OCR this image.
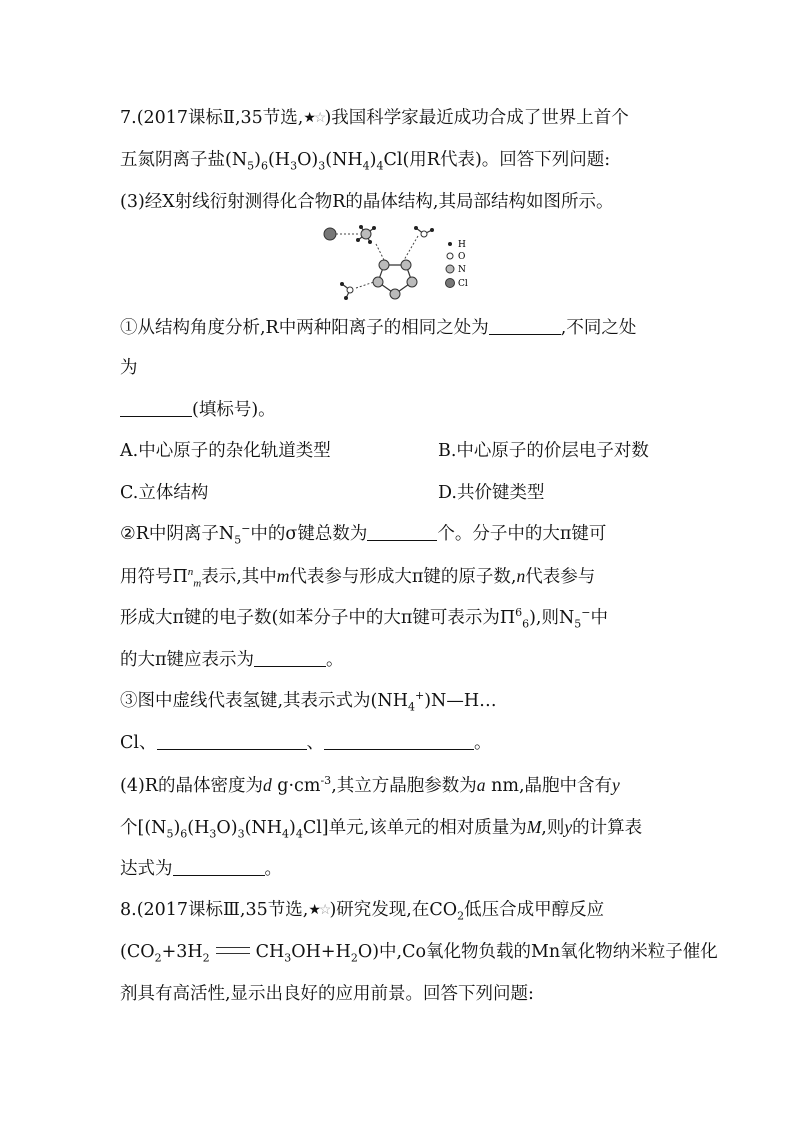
7.(2017课标Ⅱ,35节选,★☆)我国科学家最近成功合成了世界上首个
五氮阴离子盐$(N_5)_6(H_3O)_3(NH_4)_4Cl$(用R代表)。回答下列问题:
(3)经X射线衍射测得化合物R的晶体结构,其局部结构如图所示。
H
O
N
Cl
①从结构角度分析,R中两种阳离子的相同之处为	,不同之处
为
(填标号)。
A.中心原子的杂化轨道类型	B.中心原子的价层电子对数
C.立体结构	D.共价键类型
②R中阴离子$N_5^-$中的σ键总数为	个。分子中的大π键可
用符号$\Pi^n_m$表示,其中m代表参与形成大π键的原子数,n代表参与
形成大π键的电子数(如苯分子中的大π键可表示为$\Pi^6_6$),则$N_5^-$中
的大π键应表示为	。
③图中虚线代表氢键,其表示式为$(NH_4^+)N—H\dots$
Cl、	、	。
(4)R的晶体密度为d $g\cdot cm^{-3}$,其立方晶胞参数为a nm,晶胞中含有y
个$[(N_5)_6(H_3O)_3(NH_4)_4Cl]$单元,该单元的相对质量为M,则y的计算表
达式为	。
8.(2017课标Ⅲ,35节选,★☆)研究发现,在$CO_2$低压合成甲醇反应
($CO_2+3H_2$	$CH_3OH+H_2O$)中,Co氧化物负载的Mn氧化物纳米粒子催化
剂具有高活性,显示出良好的应用前景。回答下列问题:
